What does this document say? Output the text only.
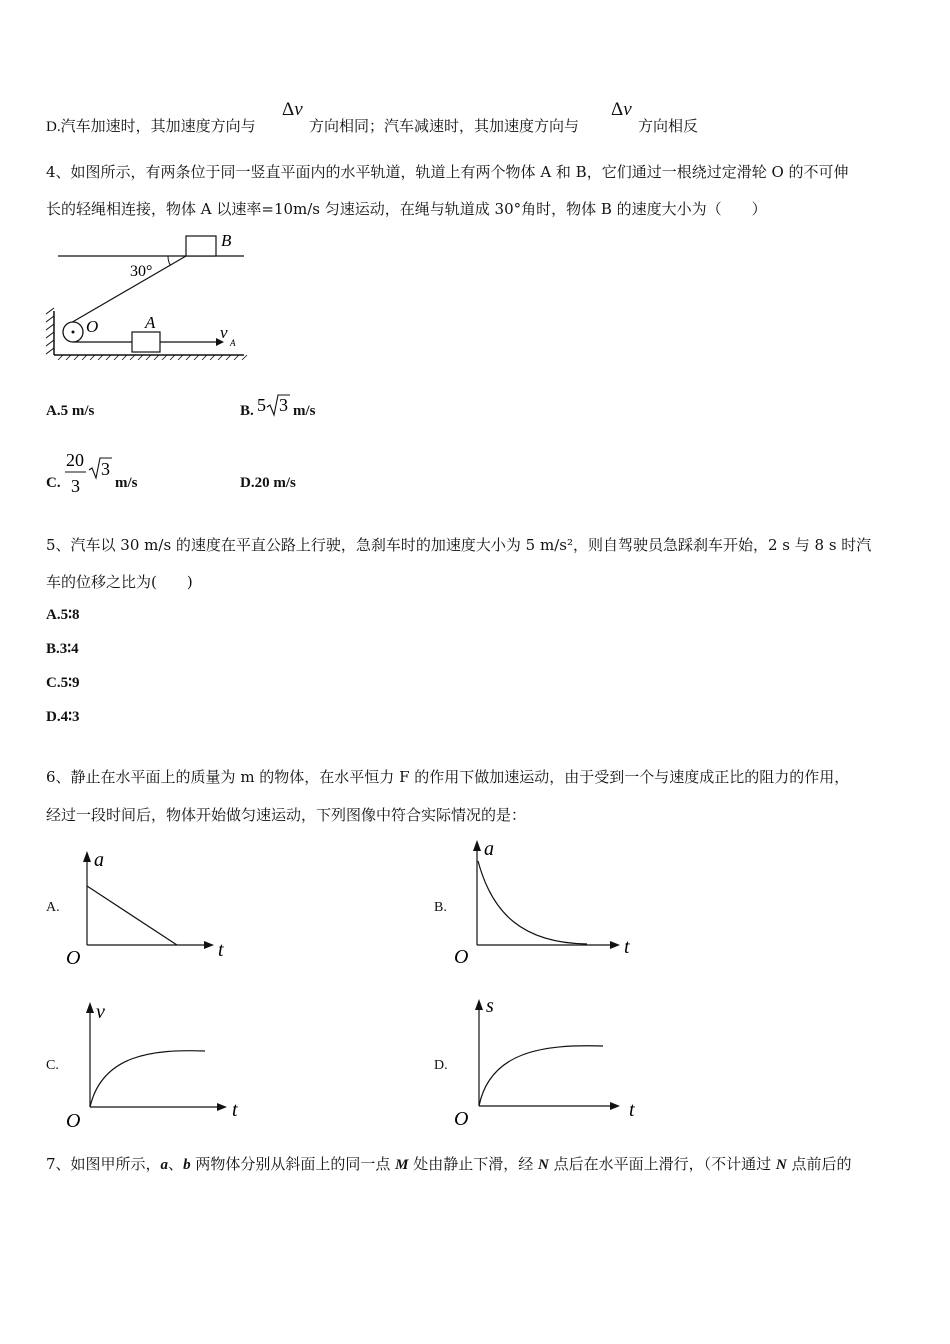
D.汽车加速时，其加速度方向与
Δv
方向相同；汽车减速时，其加速度方向与
Δv
方向相反
4、如图所示，有两条位于同一竖直平面内的水平轨道，轨道上有两个物体 A 和 B，它们通过一根绕过定滑轮 O 的不可伸
长的轻绳相连接，物体 A 以速率=10m/s 匀速运动，在绳与轨道成 30°角时，物体 B 的速度大小为（　　）
B
30°
O	A
v
A
A.5 m/s	B. 5 3 m/s
C.
20
3
3
m/s	D.20 m/s
5、汽车以 30 m/s 的速度在平直公路上行驶，急刹车时的加速度大小为 5 m/s²，则自驾驶员急踩刹车开始，2 s 与 8 s 时汽
车的位移之比为(　　)
A.5∶8
B.3∶4
C.5∶9
D.4∶3
6、静止在水平面上的质量为 m 的物体，在水平恒力 F 的作用下做加速运动，由于受到一个与速度成正比的阻力的作用，
经过一段时间后，物体开始做匀速运动，下列图像中符合实际情况的是：
A.
a
t
O
B.
a
t
O
C.
v
t
O
D.
s
t
O
7、如图甲所示，a、b 两物体分别从斜面上的同一点 M 处由静止下滑，经 N 点后在水平面上滑行，（不计通过 N 点前后的
